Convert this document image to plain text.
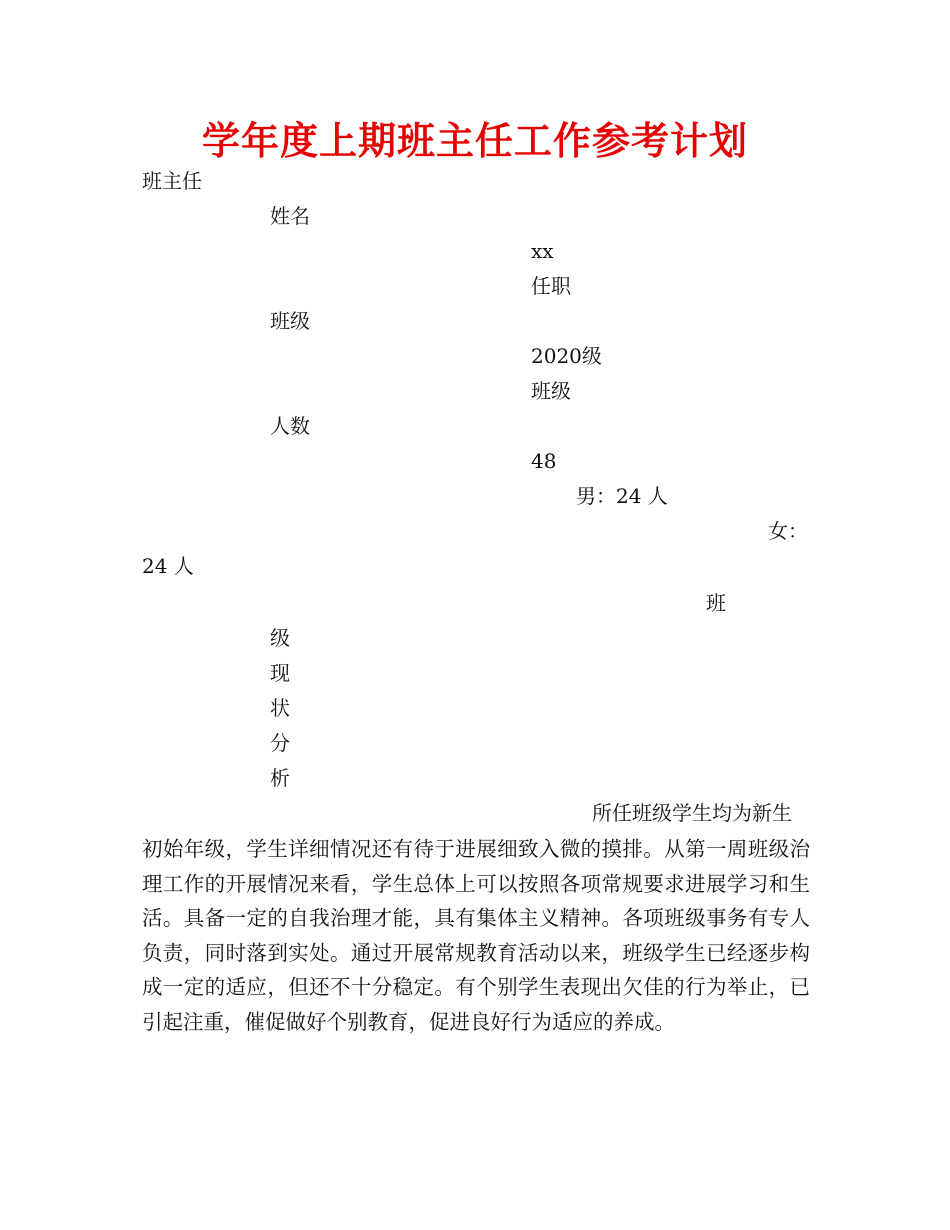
学年度上期班主任工作参考计划

班主任

姓名

xx

任职

班级

2020级

班级

人数

48

男：24 人

女：

24 人

班

级

现

状

分

析

所任班级学生均为新生

初始年级，学生详细情况还有待于进展细致入微的摸排。从第一周班级治理工作的开展情况来看，学生总体上可以按照各项常规要求进展学习和生活。具备一定的自我治理才能，具有集体主义精神。各项班级事务有专人负责，同时落到实处。通过开展常规教育活动以来，班级学生已经逐步构成一定的适应，但还不十分稳定。有个别学生表现出欠佳的行为举止，已引起注重，催促做好个别教育，促进良好行为适应的养成。
